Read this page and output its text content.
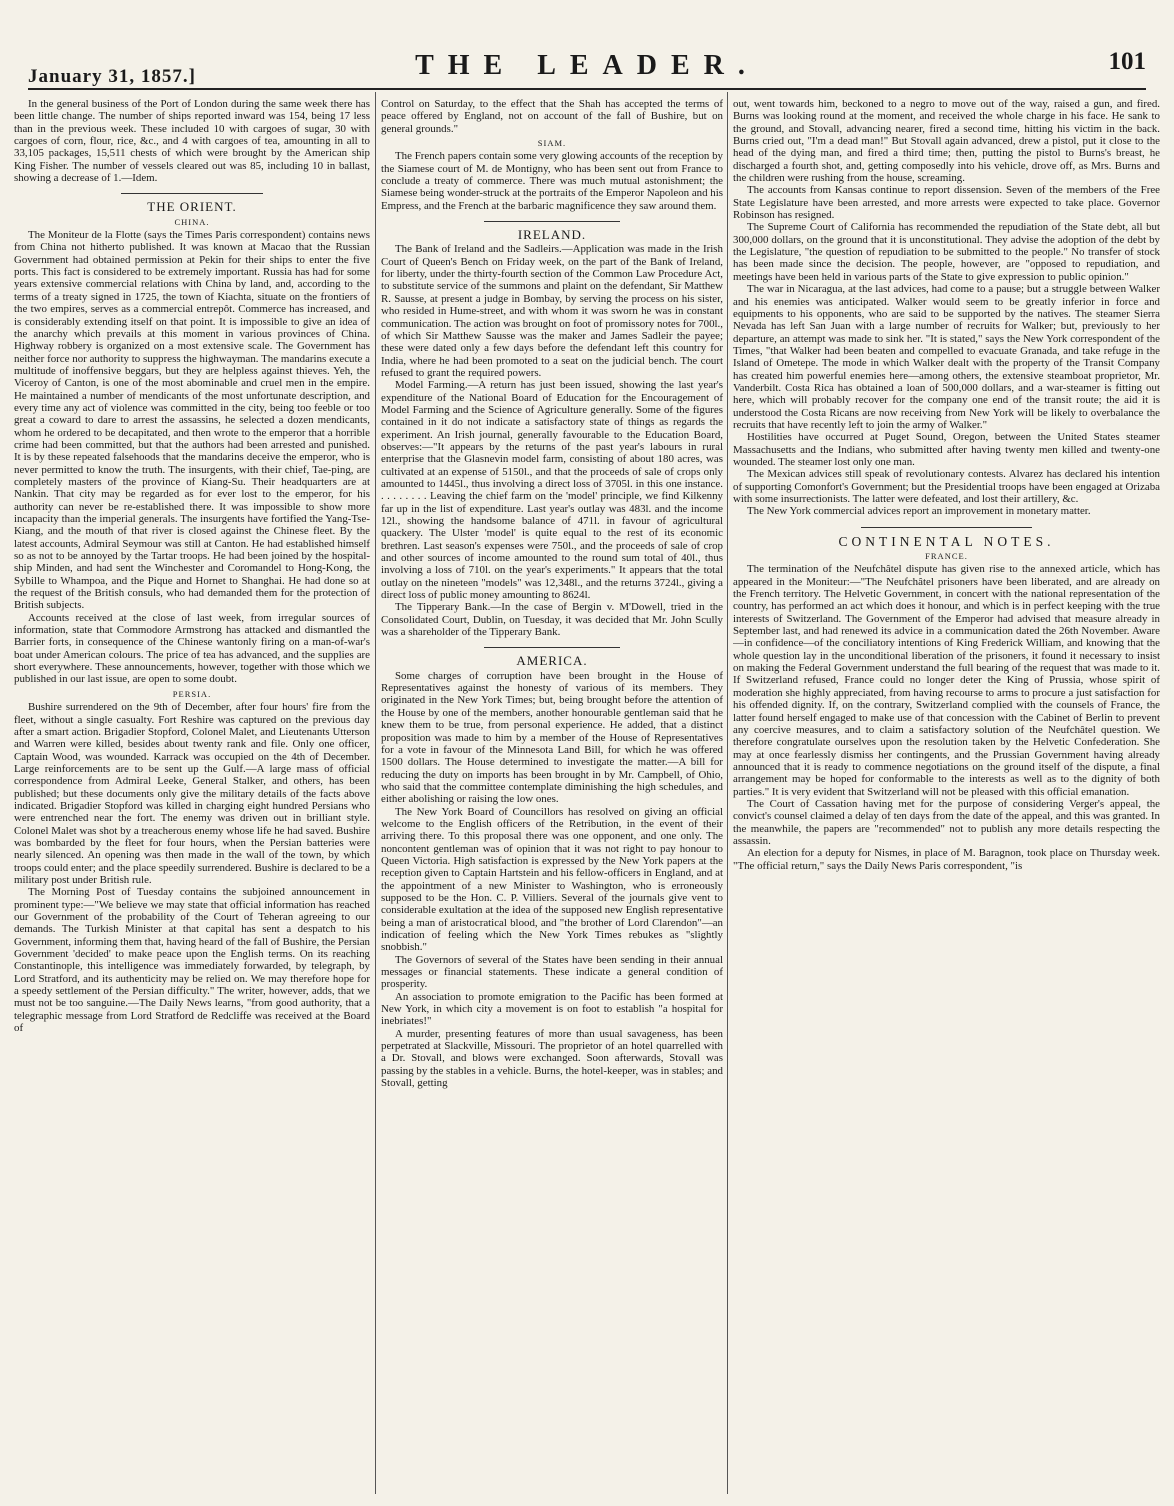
January 31, 1857.]	THE LEADER.	101

In the general business of the Port of London during the same week there has been little change. The number of ships reported inward was 154, being 17 less than in the previous week. These included 10 with cargoes of sugar, 30 with cargoes of corn, flour, rice, &c., and 4 with cargoes of tea, amounting in all to 33,105 packages, 15,511 chests of which were brought by the American ship King Fisher. The number of vessels cleared out was 85, including 10 in ballast, showing a decrease of 1.—Idem.

THE ORIENT.
CHINA.

The Moniteur de la Flotte (says the Times Paris correspondent) contains news from China not hitherto published. It was known at Macao that the Russian Government had obtained permission at Pekin for their ships to enter the five ports. This fact is considered to be extremely important. Russia has had for some years extensive commercial relations with China by land, and, according to the terms of a treaty signed in 1725, the town of Kiachta, situate on the frontiers of the two empires, serves as a commercial entrepôt. Commerce has increased, and is considerably extending itself on that point. It is impossible to give an idea of the anarchy which prevails at this moment in various provinces of China. Highway robbery is organized on a most extensive scale. The Government has neither force nor authority to suppress the highwayman. The mandarins execute a multitude of inoffensive beggars, but they are helpless against thieves. Yeh, the Viceroy of Canton, is one of the most abominable and cruel men in the empire. He maintained a number of mendicants of the most unfortunate description, and every time any act of violence was committed in the city, being too feeble or too great a coward to dare to arrest the assassins, he selected a dozen mendicants, whom he ordered to be decapitated, and then wrote to the emperor that a horrible crime had been committed, but that the authors had been arrested and punished. It is by these repeated falsehoods that the mandarins deceive the emperor, who is never permitted to know the truth. The insurgents, with their chief, Tae-ping, are completely masters of the province of Kiang-Su. Their headquarters are at Nankin. That city may be regarded as for ever lost to the emperor, for his authority can never be re-established there. It was impossible to show more incapacity than the imperial generals. The insurgents have fortified the Yang-Tse-Kiang, and the mouth of that river is closed against the Chinese fleet. By the latest accounts, Admiral Seymour was still at Canton. He had established himself so as not to be annoyed by the Tartar troops. He had been joined by the hospital-ship Minden, and had sent the Winchester and Coromandel to Hong-Kong, the Sybille to Whampoa, and the Pique and Hornet to Shanghai. He had done so at the request of the British consuls, who had demanded them for the protection of British subjects.

Accounts received at the close of last week, from irregular sources of information, state that Commodore Armstrong has attacked and dismantled the Barrier forts, in consequence of the Chinese wantonly firing on a man-of-war's boat under American colours. The price of tea has advanced, and the supplies are short everywhere. These announcements, however, together with those which we published in our last issue, are open to some doubt.

PERSIA.

Bushire surrendered on the 9th of December, after four hours' fire from the fleet, without a single casualty. Fort Reshire was captured on the previous day after a smart action. Brigadier Stopford, Colonel Malet, and Lieutenants Utterson and Warren were killed, besides about twenty rank and file. Only one officer, Captain Wood, was wounded. Karrack was occupied on the 4th of December. Large reinforcements are to be sent up the Gulf.—A large mass of official correspondence from Admiral Leeke, General Stalker, and others, has been published; but these documents only give the military details of the facts above indicated. Brigadier Stopford was killed in charging eight hundred Persians who were entrenched near the fort. The enemy was driven out in brilliant style. Colonel Malet was shot by a treacherous enemy whose life he had saved. Bushire was bombarded by the fleet for four hours, when the Persian batteries were nearly silenced. An opening was then made in the wall of the town, by which troops could enter; and the place speedily surrendered. Bushire is declared to be a military post under British rule.

The Morning Post of Tuesday contains the subjoined announcement in prominent type:—"We believe we may state that official information has reached our Government of the probability of the Court of Teheran agreeing to our demands. The Turkish Minister at that capital has sent a despatch to his Government, informing them that, having heard of the fall of Bushire, the Persian Government 'decided' to make peace upon the English terms. On its reaching Constantinople, this intelligence was immediately forwarded, by telegraph, by Lord Stratford, and its authenticity may be relied on. We may therefore hope for a speedy settlement of the Persian difficulty." The writer, however, adds, that we must not be too sanguine.—The Daily News learns, "from good authority, that a telegraphic message from Lord Stratford de Redcliffe was received at the Board of

Control on Saturday, to the effect that the Shah has accepted the terms of peace offered by England, not on account of the fall of Bushire, but on general grounds."

SIAM.

The French papers contain some very glowing accounts of the reception by the Siamese court of M. de Montigny, who has been sent out from France to conclude a treaty of commerce. There was much mutual astonishment; the Siamese being wonder-struck at the portraits of the Emperor Napoleon and his Empress, and the French at the barbaric magnificence they saw around them.

IRELAND.

The Bank of Ireland and the Sadleirs.—Application was made in the Irish Court of Queen's Bench on Friday week, on the part of the Bank of Ireland, for liberty, under the thirty-fourth section of the Common Law Procedure Act, to substitute service of the summons and plaint on the defendant, Sir Matthew R. Sausse, at present a judge in Bombay, by serving the process on his sister, who resided in Hume-street, and with whom it was sworn he was in constant communication. The action was brought on foot of promissory notes for 700l., of which Sir Matthew Sausse was the maker and James Sadleir the payee; these were dated only a few days before the defendant left this country for India, where he had been promoted to a seat on the judicial bench. The court refused to grant the required powers.

Model Farming.—A return has just been issued, showing the last year's expenditure of the National Board of Education for the Encouragement of Model Farming and the Science of Agriculture generally. Some of the figures contained in it do not indicate a satisfactory state of things as regards the experiment. An Irish journal, generally favourable to the Education Board, observes:—"It appears by the returns of the past year's labours in rural enterprise that the Glasnevin model farm, consisting of about 180 acres, was cultivated at an expense of 5150l., and that the proceeds of sale of crops only amounted to 1445l., thus involving a direct loss of 3705l. in this one instance. . . . . . . . . Leaving the chief farm on the 'model' principle, we find Kilkenny far up in the list of expenditure. Last year's outlay was 483l. and the income 12l., showing the handsome balance of 471l. in favour of agricultural quackery. The Ulster 'model' is quite equal to the rest of its economic brethren. Last season's expenses were 750l., and the proceeds of sale of crop and other sources of income amounted to the round sum total of 40l., thus involving a loss of 710l. on the year's experiments." It appears that the total outlay on the nineteen "models" was 12,348l., and the returns 3724l., giving a direct loss of public money amounting to 8624l.

The Tipperary Bank.—In the case of Bergin v. M'Dowell, tried in the Consolidated Court, Dublin, on Tuesday, it was decided that Mr. John Scully was a shareholder of the Tipperary Bank.

AMERICA.

Some charges of corruption have been brought in the House of Representatives against the honesty of various of its members. They originated in the New York Times; but, being brought before the attention of the House by one of the members, another honourable gentleman said that he knew them to be true, from personal experience. He added, that a distinct proposition was made to him by a member of the House of Representatives for a vote in favour of the Minnesota Land Bill, for which he was offered 1500 dollars. The House determined to investigate the matter.—A bill for reducing the duty on imports has been brought in by Mr. Campbell, of Ohio, who said that the committee contemplate diminishing the high schedules, and either abolishing or raising the low ones.

The New York Board of Councillors has resolved on giving an official welcome to the English officers of the Retribution, in the event of their arriving there. To this proposal there was one opponent, and one only. The noncontent gentleman was of opinion that it was not right to pay honour to Queen Victoria. High satisfaction is expressed by the New York papers at the reception given to Captain Hartstein and his fellow-officers in England, and at the appointment of a new Minister to Washington, who is erroneously supposed to be the Hon. C. P. Villiers. Several of the journals give vent to considerable exultation at the idea of the supposed new English representative being a man of aristocratical blood, and "the brother of Lord Clarendon"—an indication of feeling which the New York Times rebukes as "slightly snobbish."

The Governors of several of the States have been sending in their annual messages or financial statements. These indicate a general condition of prosperity.

An association to promote emigration to the Pacific has been formed at New York, in which city a movement is on foot to establish "a hospital for inebriates!"

A murder, presenting features of more than usual savageness, has been perpetrated at Slackville, Missouri. The proprietor of an hotel quarrelled with a Dr. Stovall, and blows were exchanged. Soon afterwards, Stovall was passing by the stables in a vehicle. Burns, the hotel-keeper, was in stables; and Stovall, getting

out, went towards him, beckoned to a negro to move out of the way, raised a gun, and fired. Burns was looking round at the moment, and received the whole charge in his face. He sank to the ground, and Stovall, advancing nearer, fired a second time, hitting his victim in the back. Burns cried out, "I'm a dead man!" But Stovall again advanced, drew a pistol, put it close to the head of the dying man, and fired a third time; then, putting the pistol to Burns's breast, he discharged a fourth shot, and, getting composedly into his vehicle, drove off, as Mrs. Burns and the children were rushing from the house, screaming.

The accounts from Kansas continue to report dissension. Seven of the members of the Free State Legislature have been arrested, and more arrests were expected to take place. Governor Robinson has resigned.

The Supreme Court of California has recommended the repudiation of the State debt, all but 300,000 dollars, on the ground that it is unconstitutional. They advise the adoption of the debt by the Legislature, "the question of repudiation to be submitted to the people." No transfer of stock has been made since the decision. The people, however, are "opposed to repudiation, and meetings have been held in various parts of the State to give expression to public opinion."

The war in Nicaragua, at the last advices, had come to a pause; but a struggle between Walker and his enemies was anticipated. Walker would seem to be greatly inferior in force and equipments to his opponents, who are said to be supported by the natives. The steamer Sierra Nevada has left San Juan with a large number of recruits for Walker; but, previously to her departure, an attempt was made to sink her. "It is stated," says the New York correspondent of the Times, "that Walker had been beaten and compelled to evacuate Granada, and take refuge in the Island of Ometepe. The mode in which Walker dealt with the property of the Transit Company has created him powerful enemies here—among others, the extensive steamboat proprietor, Mr. Vanderbilt. Costa Rica has obtained a loan of 500,000 dollars, and a war-steamer is fitting out here, which will probably recover for the company one end of the transit route; the aid it is understood the Costa Ricans are now receiving from New York will be likely to overbalance the recruits that have recently left to join the army of Walker."

Hostilities have occurred at Puget Sound, Oregon, between the United States steamer Massachusetts and the Indians, who submitted after having twenty men killed and twenty-one wounded. The steamer lost only one man.

The Mexican advices still speak of revolutionary contests. Alvarez has declared his intention of supporting Comonfort's Government; but the Presidential troops have been engaged at Orizaba with some insurrectionists. The latter were defeated, and lost their artillery, &c.

The New York commercial advices report an improvement in monetary matter.

CONTINENTAL NOTES.
FRANCE.

The termination of the Neufchâtel dispute has given rise to the annexed article, which has appeared in the Moniteur:—"The Neufchâtel prisoners have been liberated, and are already on the French territory. The Helvetic Government, in concert with the national representation of the country, has performed an act which does it honour, and which is in perfect keeping with the true interests of Switzerland. The Government of the Emperor had advised that measure already in September last, and had renewed its advice in a communication dated the 26th November. Aware—in confidence—of the conciliatory intentions of King Frederick William, and knowing that the whole question lay in the unconditional liberation of the prisoners, it found it necessary to insist on making the Federal Government understand the full bearing of the request that was made to it. If Switzerland refused, France could no longer deter the King of Prussia, whose spirit of moderation she highly appreciated, from having recourse to arms to procure a just satisfaction for his offended dignity. If, on the contrary, Switzerland complied with the counsels of France, the latter found herself engaged to make use of that concession with the Cabinet of Berlin to prevent any coercive measures, and to claim a satisfactory solution of the Neufchâtel question. We therefore congratulate ourselves upon the resolution taken by the Helvetic Confederation. She may at once fearlessly dismiss her contingents, and the Prussian Government having already announced that it is ready to commence negotiations on the ground itself of the dispute, a final arrangement may be hoped for conformable to the interests as well as to the dignity of both parties." It is very evident that Switzerland will not be pleased with this official emanation.

The Court of Cassation having met for the purpose of considering Verger's appeal, the convict's counsel claimed a delay of ten days from the date of the appeal, and this was granted. In the meanwhile, the papers are "recommended" not to publish any more details respecting the assassin.

An election for a deputy for Nismes, in place of M. Baragnon, took place on Thursday week. "The official return," says the Daily News Paris correspondent, "is
